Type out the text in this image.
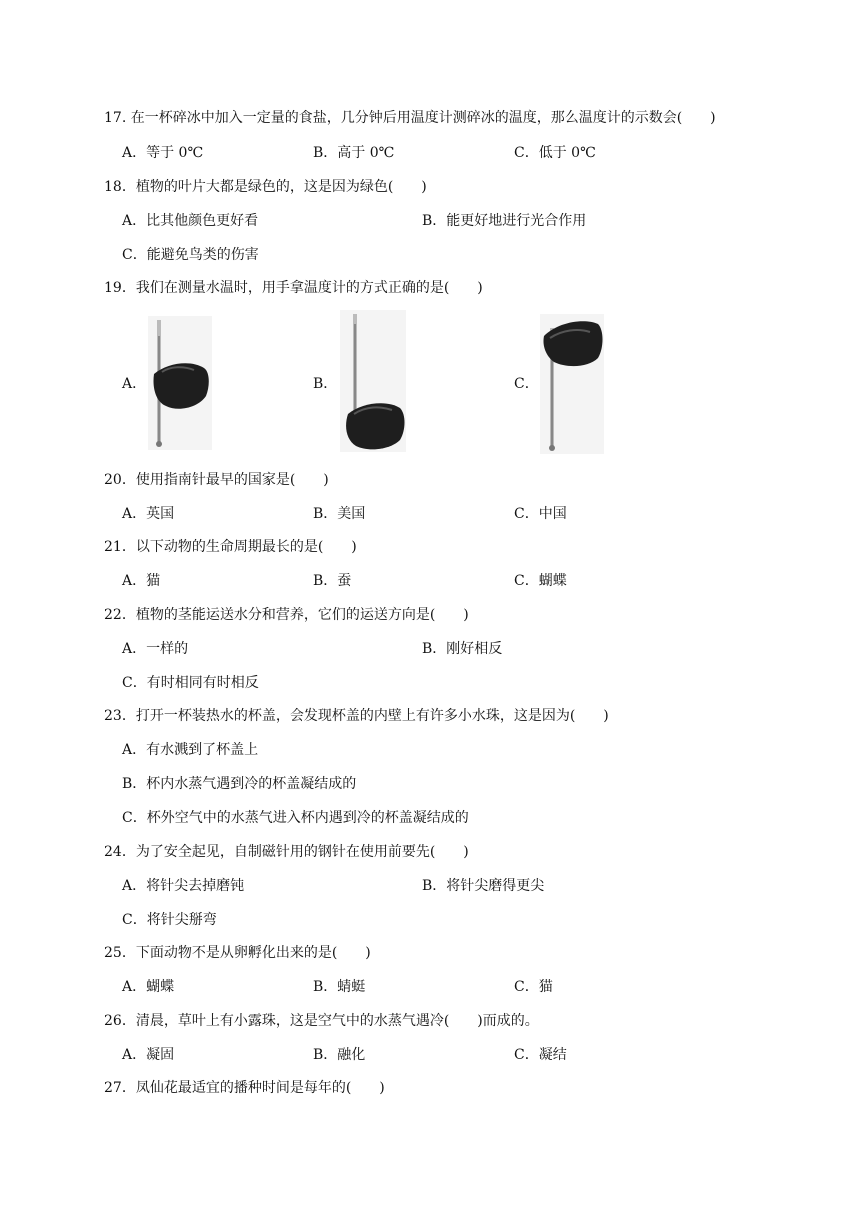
17. 在一杯碎冰中加入一定量的食盐，几分钟后用温度计测碎冰的温度，那么温度计的示数会(　　)
A．等于 0℃	B．高于 0℃	C．低于 0℃
18．植物的叶片大都是绿色的，这是因为绿色(　　)
A．比其他颜色更好看	B．能更好地进行光合作用
C．能避免鸟类的伤害
19．我们在测量水温时，用手拿温度计的方式正确的是(　　)
A．	B．	C．
20．使用指南针最早的国家是(　　)
A．英国	B．美国	C．中国
21．以下动物的生命周期最长的是(　　)
A．猫	B．蚕	C．蝴蝶
22．植物的茎能运送水分和营养，它们的运送方向是(　　)
A．一样的	B．刚好相反
C．有时相同有时相反
23．打开一杯装热水的杯盖，会发现杯盖的内壁上有许多小水珠，这是因为(　　)
A．有水溅到了杯盖上
B．杯内水蒸气遇到冷的杯盖凝结成的
C．杯外空气中的水蒸气进入杯内遇到冷的杯盖凝结成的
24．为了安全起见，自制磁针用的钢针在使用前要先(　　)
A．将针尖去掉磨钝	B．将针尖磨得更尖
C．将针尖掰弯
25．下面动物不是从卵孵化出来的是(　　)
A．蝴蝶	B．蜻蜓	C．猫
26．清晨，草叶上有小露珠，这是空气中的水蒸气遇冷(　　)而成的。
A．凝固	B．融化	C．凝结
27．凤仙花最适宜的播种时间是每年的(　　)
